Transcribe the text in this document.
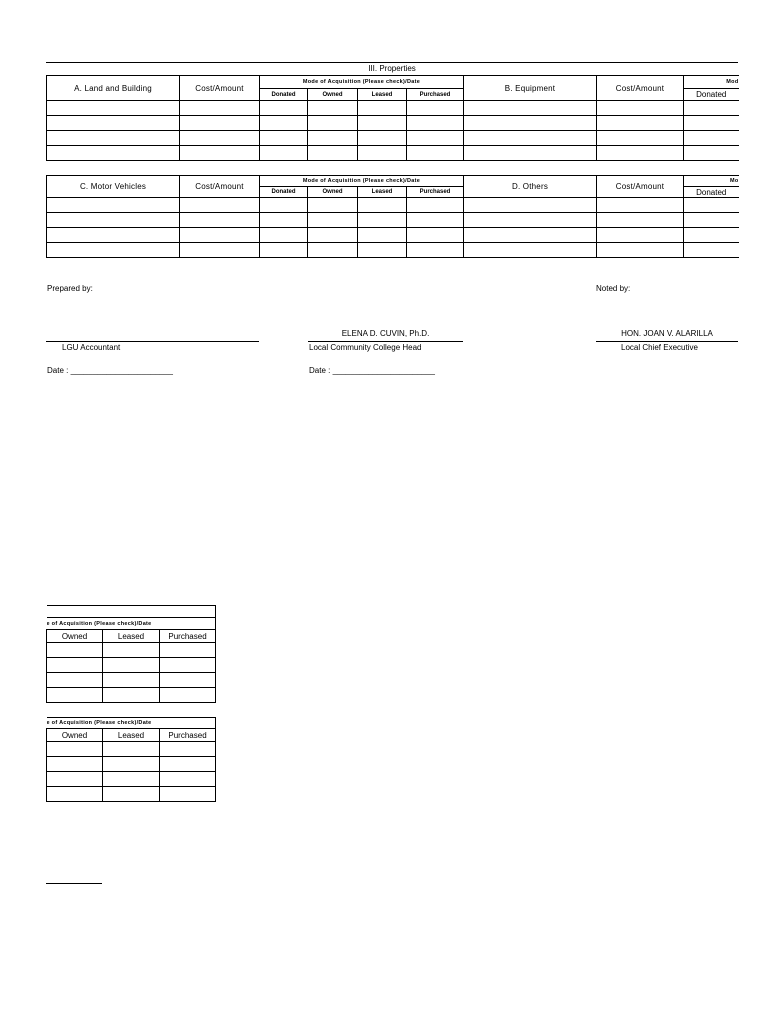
III. Properties
A. Land and Building	Cost/Amount	Mode of Acquisition (Please check)/Date				B. Equipment	Cost/Amount	Mod
		Donated	Owned	Leased	Purchased			Donated

C. Motor Vehicles	Cost/Amount	Mode of Acquisition (Please check)/Date				D. Others	Cost/Amount	Mo
		Donated	Owned	Leased	Purchased			Donated

Prepared by:	Noted by:
LGU Accountant
ELENA D. CUVIN, Ph.D.
Local Community College Head
HON. JOAN V. ALARILLA
Local Chief Executive
Date : _______________________	Date : _______________________

e of Acquisition (Please check)/Date		
Owned	Leased	Purchased

e of Acquisition (Please check)/Date		
Owned	Leased	Purchased
